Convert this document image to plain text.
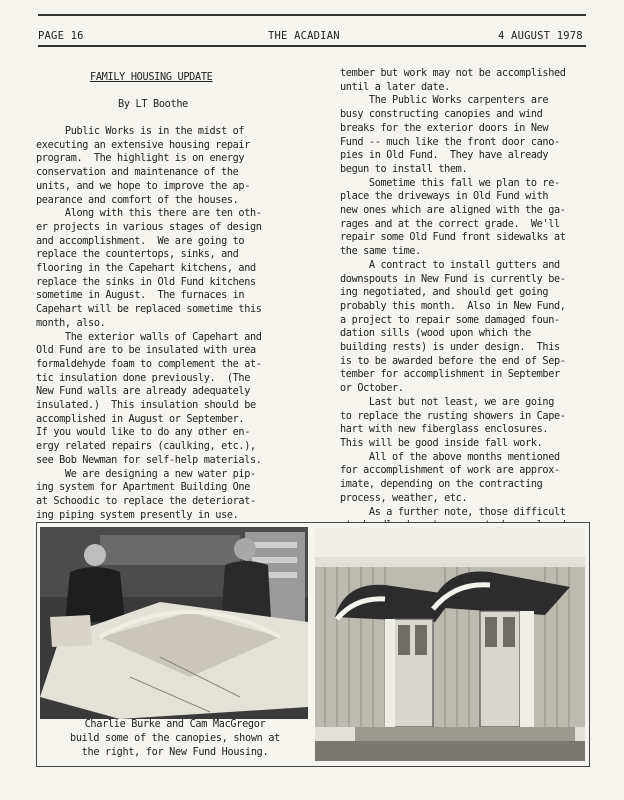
PAGE 16	THE ACADIAN	4 AUGUST 1978
FAMILY HOUSING UPDATE
By LT Boothe
Public Works is in the midst of
executing an extensive housing repair
program.  The highlight is on energy
conservation and maintenance of the
units, and we hope to improve the ap-
pearance and comfort of the houses.
Along with this there are ten oth-
er projects in various stages of design
and accomplishment.  We are going to
replace the countertops, sinks, and
flooring in the Capehart kitchens, and
replace the sinks in Old Fund kitchens
sometime in August.  The furnaces in
Capehart will be replaced sometime this
month, also.
The exterior walls of Capehart and
Old Fund are to be insulated with urea
formaldehyde foam to complement the at-
tic insulation done previously.  (The
New Fund walls are already adequately
insulated.)  This insulation should be
accomplished in August or September.
If you would like to do any other en-
ergy related repairs (caulking, etc.),
see Bob Newman for self-help materials.
We are designing a new water pip-
ing system for Apartment Building One
at Schoodic to replace the deteriorat-
ing piping system presently in use.
tember but work may not be accomplished
until a later date.
The Public Works carpenters are
busy constructing canopies and wind
breaks for the exterior doors in New
Fund -- much like the front door cano-
pies in Old Fund.  They have already
begun to install them.
Sometime this fall we plan to re-
place the driveways in Old Fund with
new ones which are aligned with the ga-
rages and at the correct grade.  We'll
repair some Old Fund front sidewalks at
the same time.
A contract to install gutters and
downspouts in New Fund is currently be-
ing negotiated, and should get going
probably this month.  Also in New Fund,
a project to repair some damaged foun-
dation sills (wood upon which the
building rests) is under design.  This
is to be awarded before the end of Sep-
tember for accomplishment in September
or October.
Last but not least, we are going
to replace the rusting showers in Cape-
hart with new fiberglass enclosures.
This will be good inside fall work.
All of the above months mentioned
for accomplishment of work are approx-
imate, depending on the contracting
process, weather, etc.
As a further note, those difficult
Charlie Burke and Cam MacGregor
build some of the canopies, shown at
the right, for New Fund Housing.
